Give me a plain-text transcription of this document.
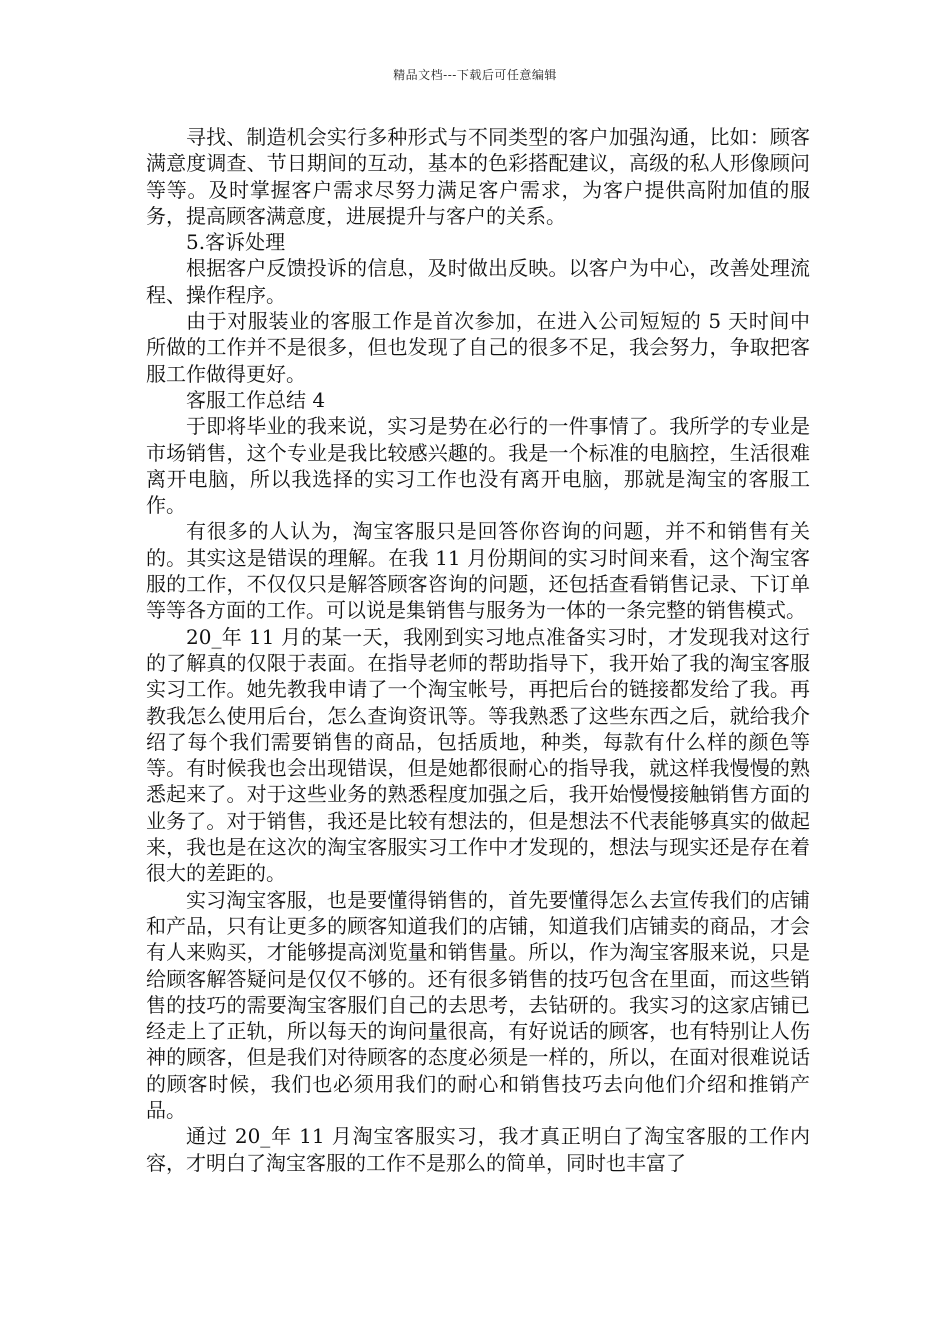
精品文档---下载后可任意编辑

寻找、制造机会实行多种形式与不同类型的客户加强沟通，比如：顾客满意度调查、节日期间的互动，基本的色彩搭配建议，高级的私人形像顾问等等。及时掌握客户需求尽努力满足客户需求，为客户提供高附加值的服务，提高顾客满意度，进展提升与客户的关系。

5.客诉处理

根据客户反馈投诉的信息，及时做出反映。以客户为中心，改善处理流程、操作程序。

由于对服装业的客服工作是首次参加，在进入公司短短的 5 天时间中所做的工作并不是很多，但也发现了自己的很多不足，我会努力，争取把客服工作做得更好。

客服工作总结 4

于即将毕业的我来说，实习是势在必行的一件事情了。我所学的专业是市场销售，这个专业是我比较感兴趣的。我是一个标准的电脑控，生活很难离开电脑，所以我选择的实习工作也没有离开电脑，那就是淘宝的客服工作。

有很多的人认为，淘宝客服只是回答你咨询的问题，并不和销售有关的。其实这是错误的理解。在我 11 月份期间的实习时间来看，这个淘宝客服的工作，不仅仅只是解答顾客咨询的问题，还包括查看销售记录、下订单等等各方面的工作。可以说是集销售与服务为一体的一条完整的销售模式。

20_年 11 月的某一天，我刚到实习地点准备实习时，才发现我对这行的了解真的仅限于表面。在指导老师的帮助指导下，我开始了我的淘宝客服实习工作。她先教我申请了一个淘宝帐号，再把后台的链接都发给了我。再教我怎么使用后台，怎么查询资讯等。等我熟悉了这些东西之后，就给我介绍了每个我们需要销售的商品，包括质地，种类，每款有什么样的颜色等等。有时候我也会出现错误，但是她都很耐心的指导我，就这样我慢慢的熟悉起来了。对于这些业务的熟悉程度加强之后，我开始慢慢接触销售方面的业务了。对于销售，我还是比较有想法的，但是想法不代表能够真实的做起来，我也是在这次的淘宝客服实习工作中才发现的，想法与现实还是存在着很大的差距的。

实习淘宝客服，也是要懂得销售的，首先要懂得怎么去宣传我们的店铺和产品，只有让更多的顾客知道我们的店铺，知道我们店铺卖的商品，才会有人来购买，才能够提高浏览量和销售量。所以，作为淘宝客服来说，只是给顾客解答疑问是仅仅不够的。还有很多销售的技巧包含在里面，而这些销售的技巧的需要淘宝客服们自己的去思考，去钻研的。我实习的这家店铺已经走上了正轨，所以每天的询问量很高，有好说话的顾客，也有特别让人伤神的顾客，但是我们对待顾客的态度必须是一样的，所以，在面对很难说话的顾客时候，我们也必须用我们的耐心和销售技巧去向他们介绍和推销产品。

通过 20_年 11 月淘宝客服实习，我才真正明白了淘宝客服的工作内容，才明白了淘宝客服的工作不是那么的简单，同时也丰富了
